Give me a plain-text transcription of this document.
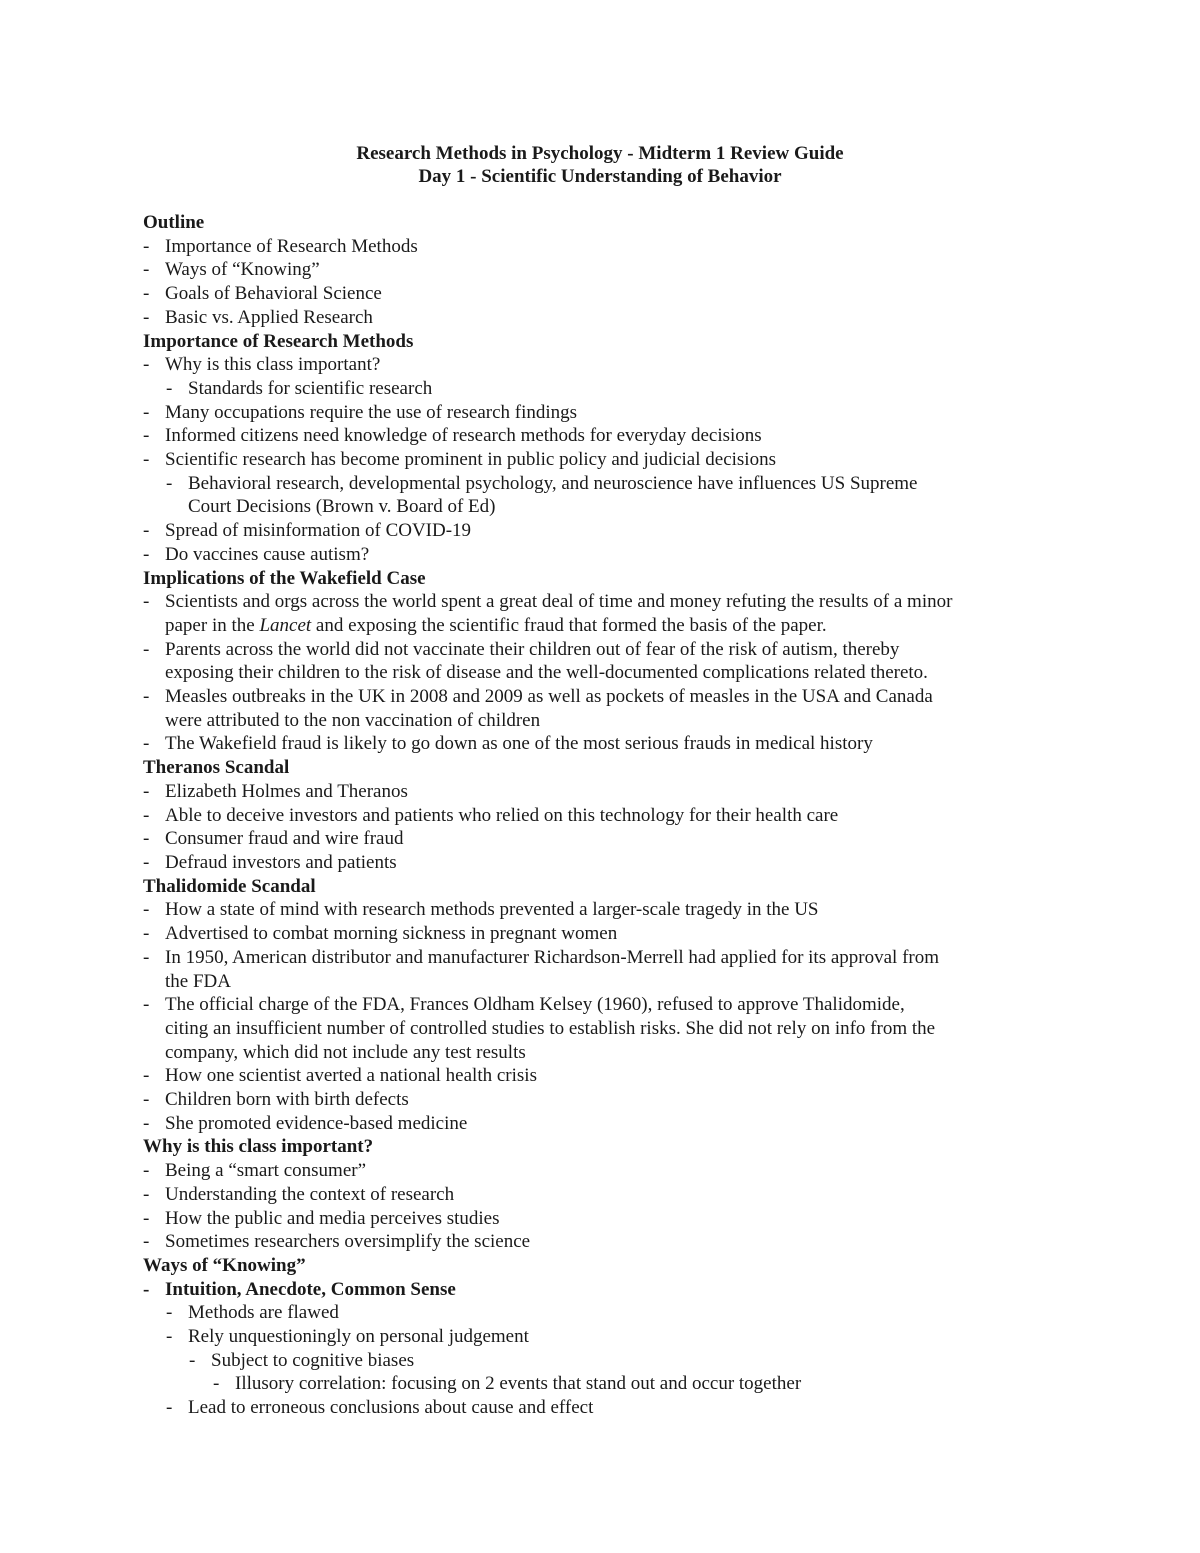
Research Methods in Psychology - Midterm 1 Review Guide
Day 1 - Scientific Understanding of Behavior
Outline
- Importance of Research Methods
- Ways of “Knowing”
- Goals of Behavioral Science
- Basic vs. Applied Research
Importance of Research Methods
- Why is this class important?
- Standards for scientific research
- Many occupations require the use of research findings
- Informed citizens need knowledge of research methods for everyday decisions
- Scientific research has become prominent in public policy and judicial decisions
- Behavioral research, developmental psychology, and neuroscience have influences US Supreme
Court Decisions (Brown v. Board of Ed)
- Spread of misinformation of COVID-19
- Do vaccines cause autism?
Implications of the Wakefield Case
- Scientists and orgs across the world spent a great deal of time and money refuting the results of a minor
paper in the Lancet and exposing the scientific fraud that formed the basis of the paper.
- Parents across the world did not vaccinate their children out of fear of the risk of autism, thereby
exposing their children to the risk of disease and the well-documented complications related thereto.
- Measles outbreaks in the UK in 2008 and 2009 as well as pockets of measles in the USA and Canada
were attributed to the non vaccination of children
- The Wakefield fraud is likely to go down as one of the most serious frauds in medical history
Theranos Scandal
- Elizabeth Holmes and Theranos
- Able to deceive investors and patients who relied on this technology for their health care
- Consumer fraud and wire fraud
- Defraud investors and patients
Thalidomide Scandal
- How a state of mind with research methods prevented a larger-scale tragedy in the US
- Advertised to combat morning sickness in pregnant women
- In 1950, American distributor and manufacturer Richardson-Merrell had applied for its approval from
the FDA
- The official charge of the FDA, Frances Oldham Kelsey (1960), refused to approve Thalidomide,
citing an insufficient number of controlled studies to establish risks. She did not rely on info from the
company, which did not include any test results
- How one scientist averted a national health crisis
- Children born with birth defects
- She promoted evidence-based medicine
Why is this class important?
- Being a “smart consumer”
- Understanding the context of research
- How the public and media perceives studies
- Sometimes researchers oversimplify the science
Ways of “Knowing”
- Intuition, Anecdote, Common Sense
- Methods are flawed
- Rely unquestioningly on personal judgement
- Subject to cognitive biases
- Illusory correlation: focusing on 2 events that stand out and occur together
- Lead to erroneous conclusions about cause and effect
